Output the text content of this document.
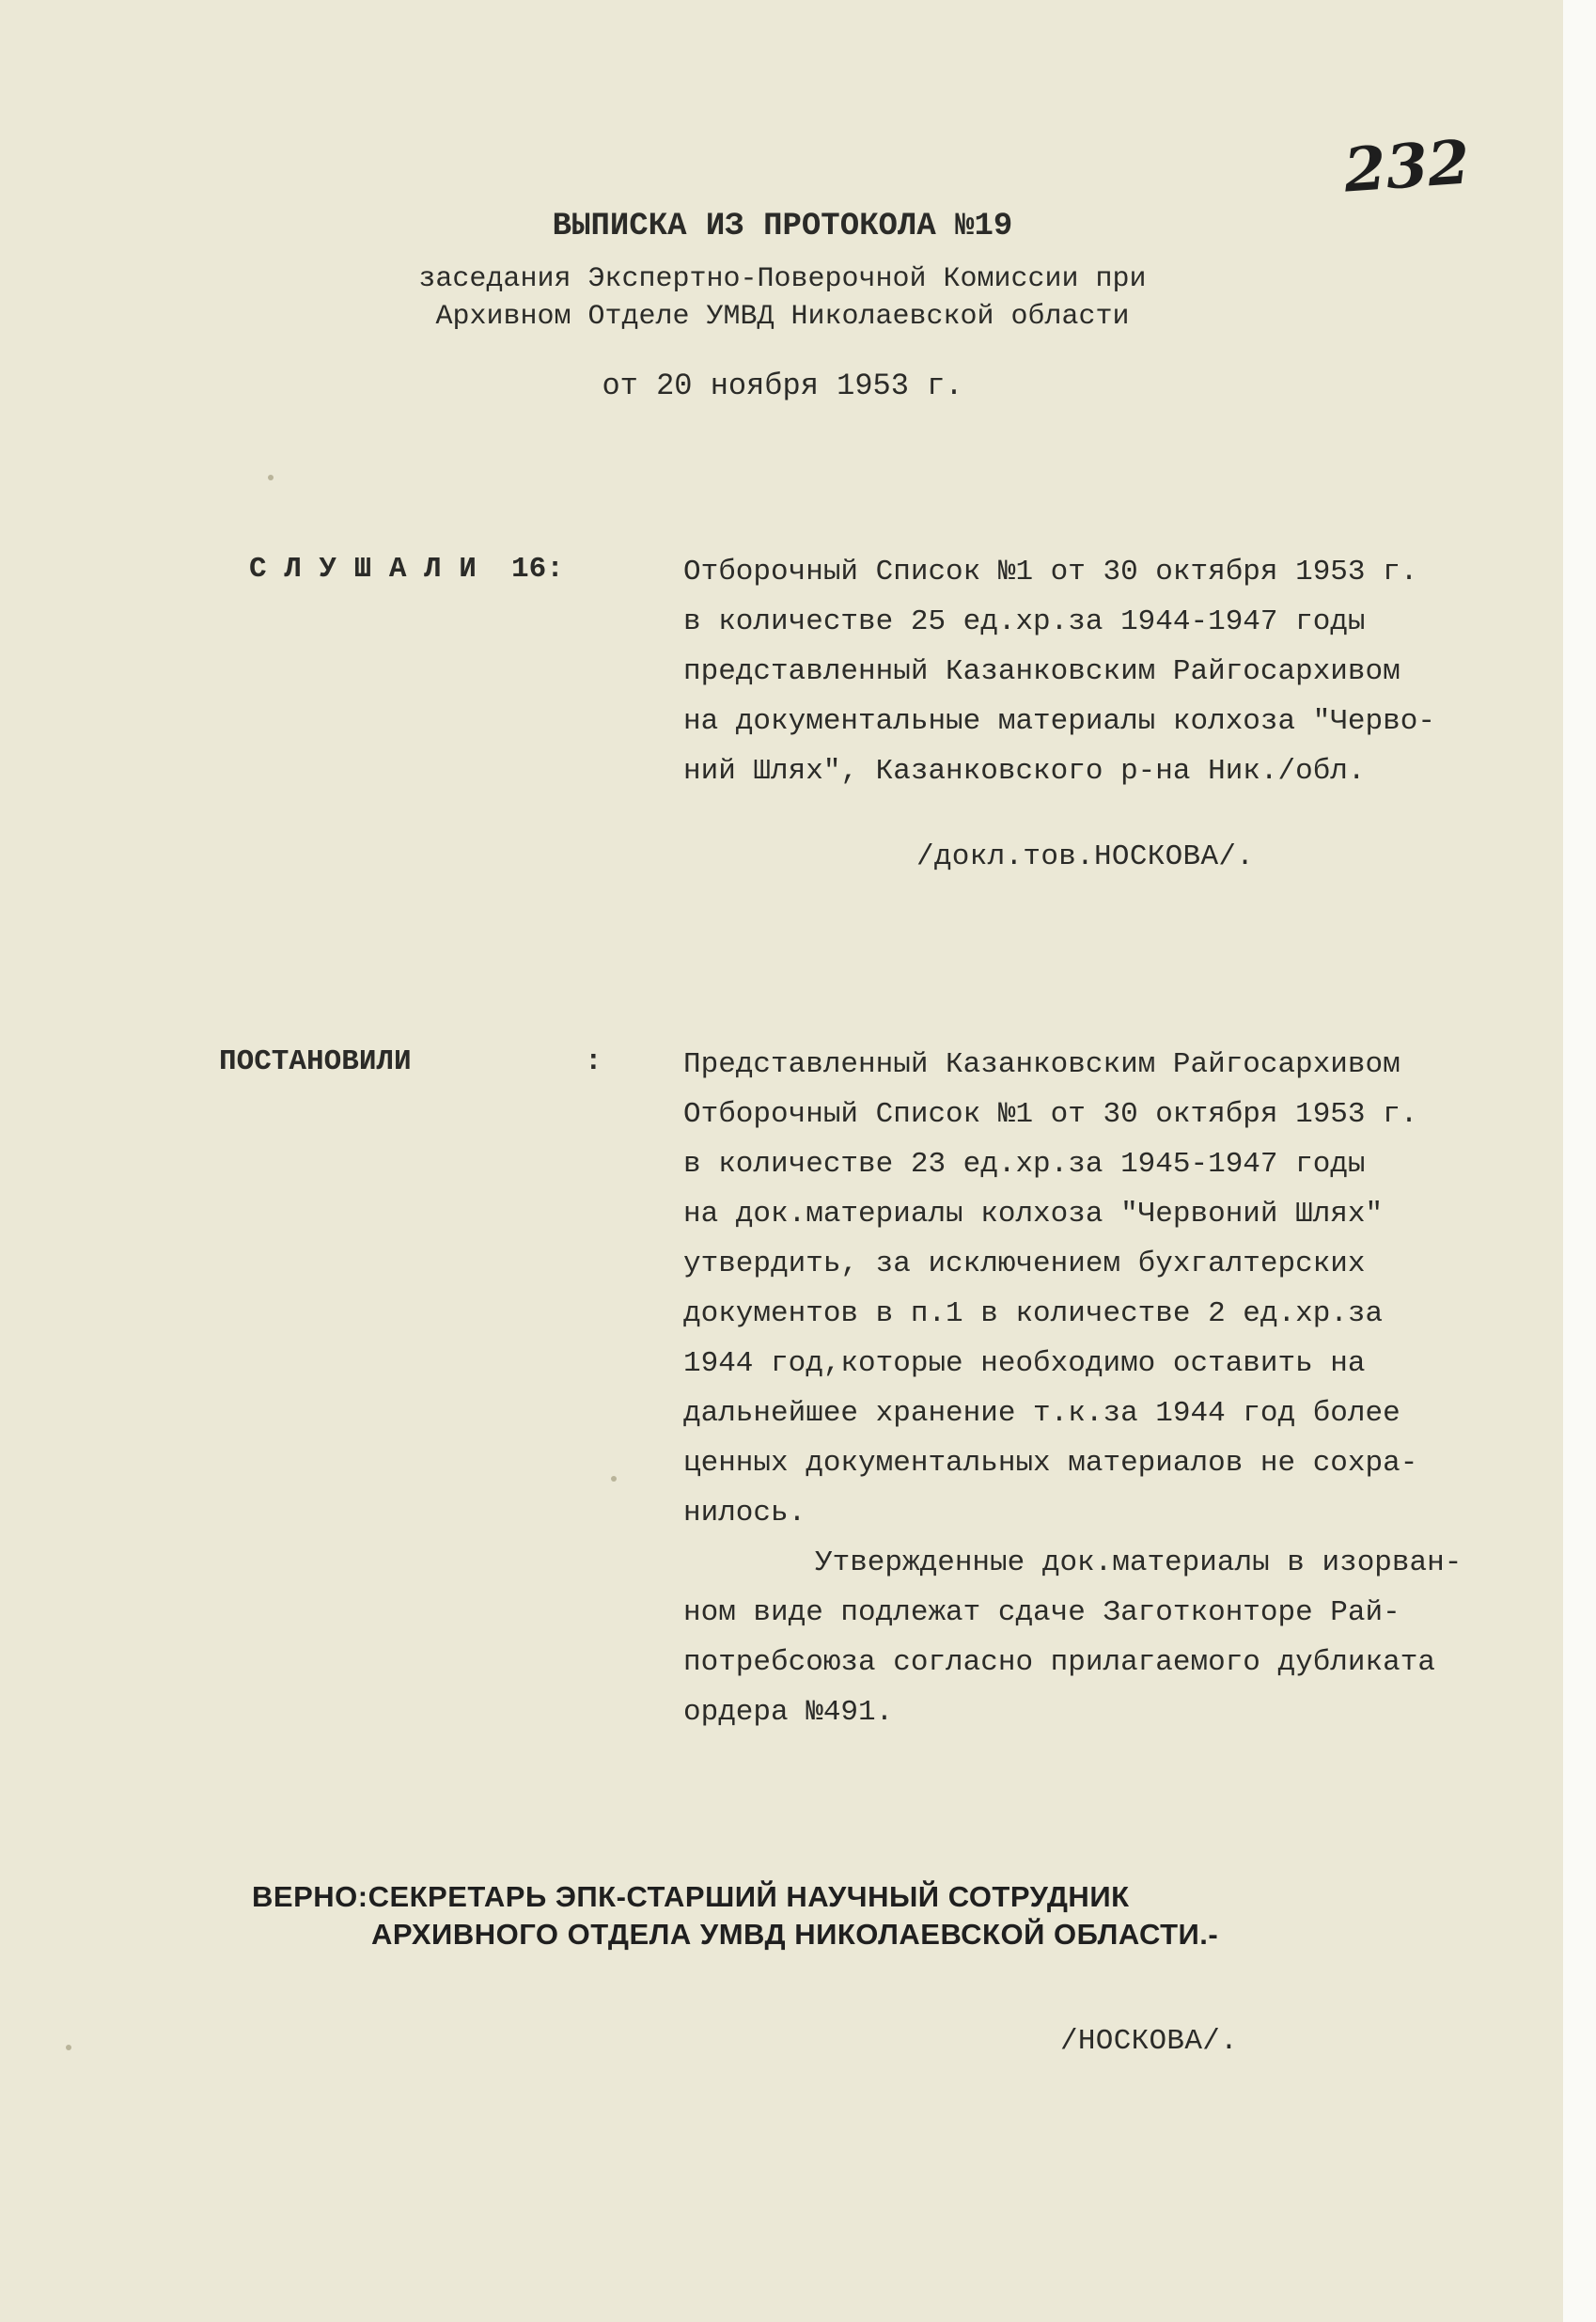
232
ВЫПИСКА ИЗ ПРОТОКОЛА №19
заседания Экспертно-Поверочной Комиссии при
Архивном Отделе УМВД Николаевской области
от 20 ноября 1953 г.
С Л У Ш А Л И  16:	Отборочный Список №1 от 30 октября 1953 г.
в количестве 25 ед.хр.за 1944-1947 годы
представленный Казанковским Райгосархивом
на документальные материалы колхоза "Черво-
ний Шлях", Казанковского р-на Ник./обл.
/докл.тов.НОСКОВА/.
ПОСТАНОВИЛИ	:	Представленный Казанковским Райгосархивом
Отборочный Список №1 от 30 октября 1953 г.
в количестве 23 ед.хр.за 1945-1947 годы
на док.материалы колхоза "Червоний Шлях"
утвердить, за исключением бухгалтерских
документов в п.1 в количестве 2 ед.хр.за
1944 год,которые необходимо оставить на
дальнейшее хранение т.к.за 1944 год более
ценных документальных материалов не сохра-
нилось.
Утвержденные док.материалы в изорван-
ном виде подлежат сдаче Заготконторе Рай-
потребсоюза согласно прилагаемого дубликата
ордера №491.
ВЕРНО:СЕКРЕТАРЬ ЭПК-СТАРШИЙ НАУЧНЫЙ СОТРУДНИК
АРХИВНОГО ОТДЕЛА УМВД НИКОЛАЕВСКОЙ ОБЛАСТИ.-
/НОСКОВА/.
